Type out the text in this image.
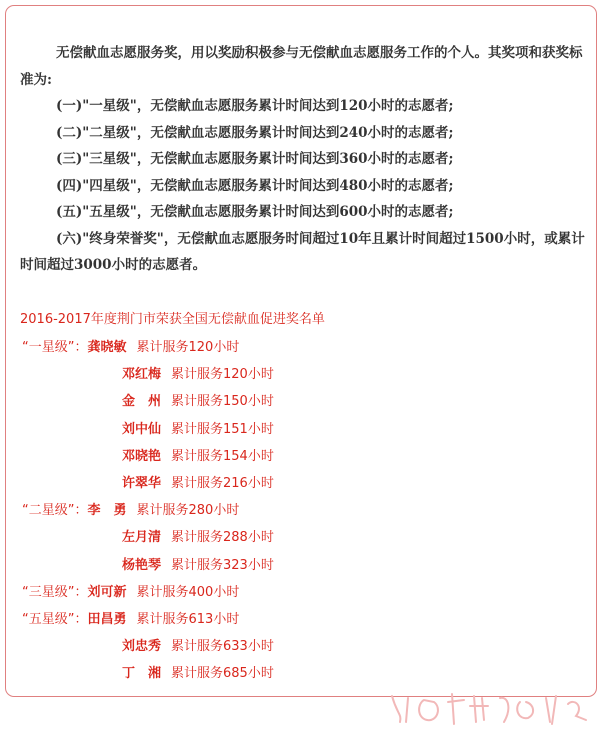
无偿献血志愿服务奖，用以奖励积极参与无偿献血志愿服务工作的个人。其奖项和获奖标准为:

(一)"一星级"，无偿献血志愿服务累计时间达到120小时的志愿者;

(二)"二星级"，无偿献血志愿服务累计时间达到240小时的志愿者;

(三)"三星级"，无偿献血志愿服务累计时间达到360小时的志愿者;

(四)"四星级"，无偿献血志愿服务累计时间达到480小时的志愿者;

(五)"五星级"，无偿献血志愿服务累计时间达到600小时的志愿者;

(六)"终身荣誉奖"，无偿献血志愿服务时间超过10年且累计时间超过1500小时，或累计时间超过3000小时的志愿者。

2016-2017年度荆门市荣获全国无偿献血促进奖名单
“一星级”：龚晓敏 累计服务120小时
邓红梅 累计服务120小时
金　州 累计服务150小时
刘中仙 累计服务151小时
邓晓艳 累计服务154小时
许翠华 累计服务216小时
“二星级”：李　勇 累计服务280小时
左月清 累计服务288小时
杨艳琴 累计服务323小时
“三星级”：刘可新 累计服务400小时
“五星级”：田昌勇 累计服务613小时
刘忠秀 累计服务633小时
丁　湘 累计服务685小时
